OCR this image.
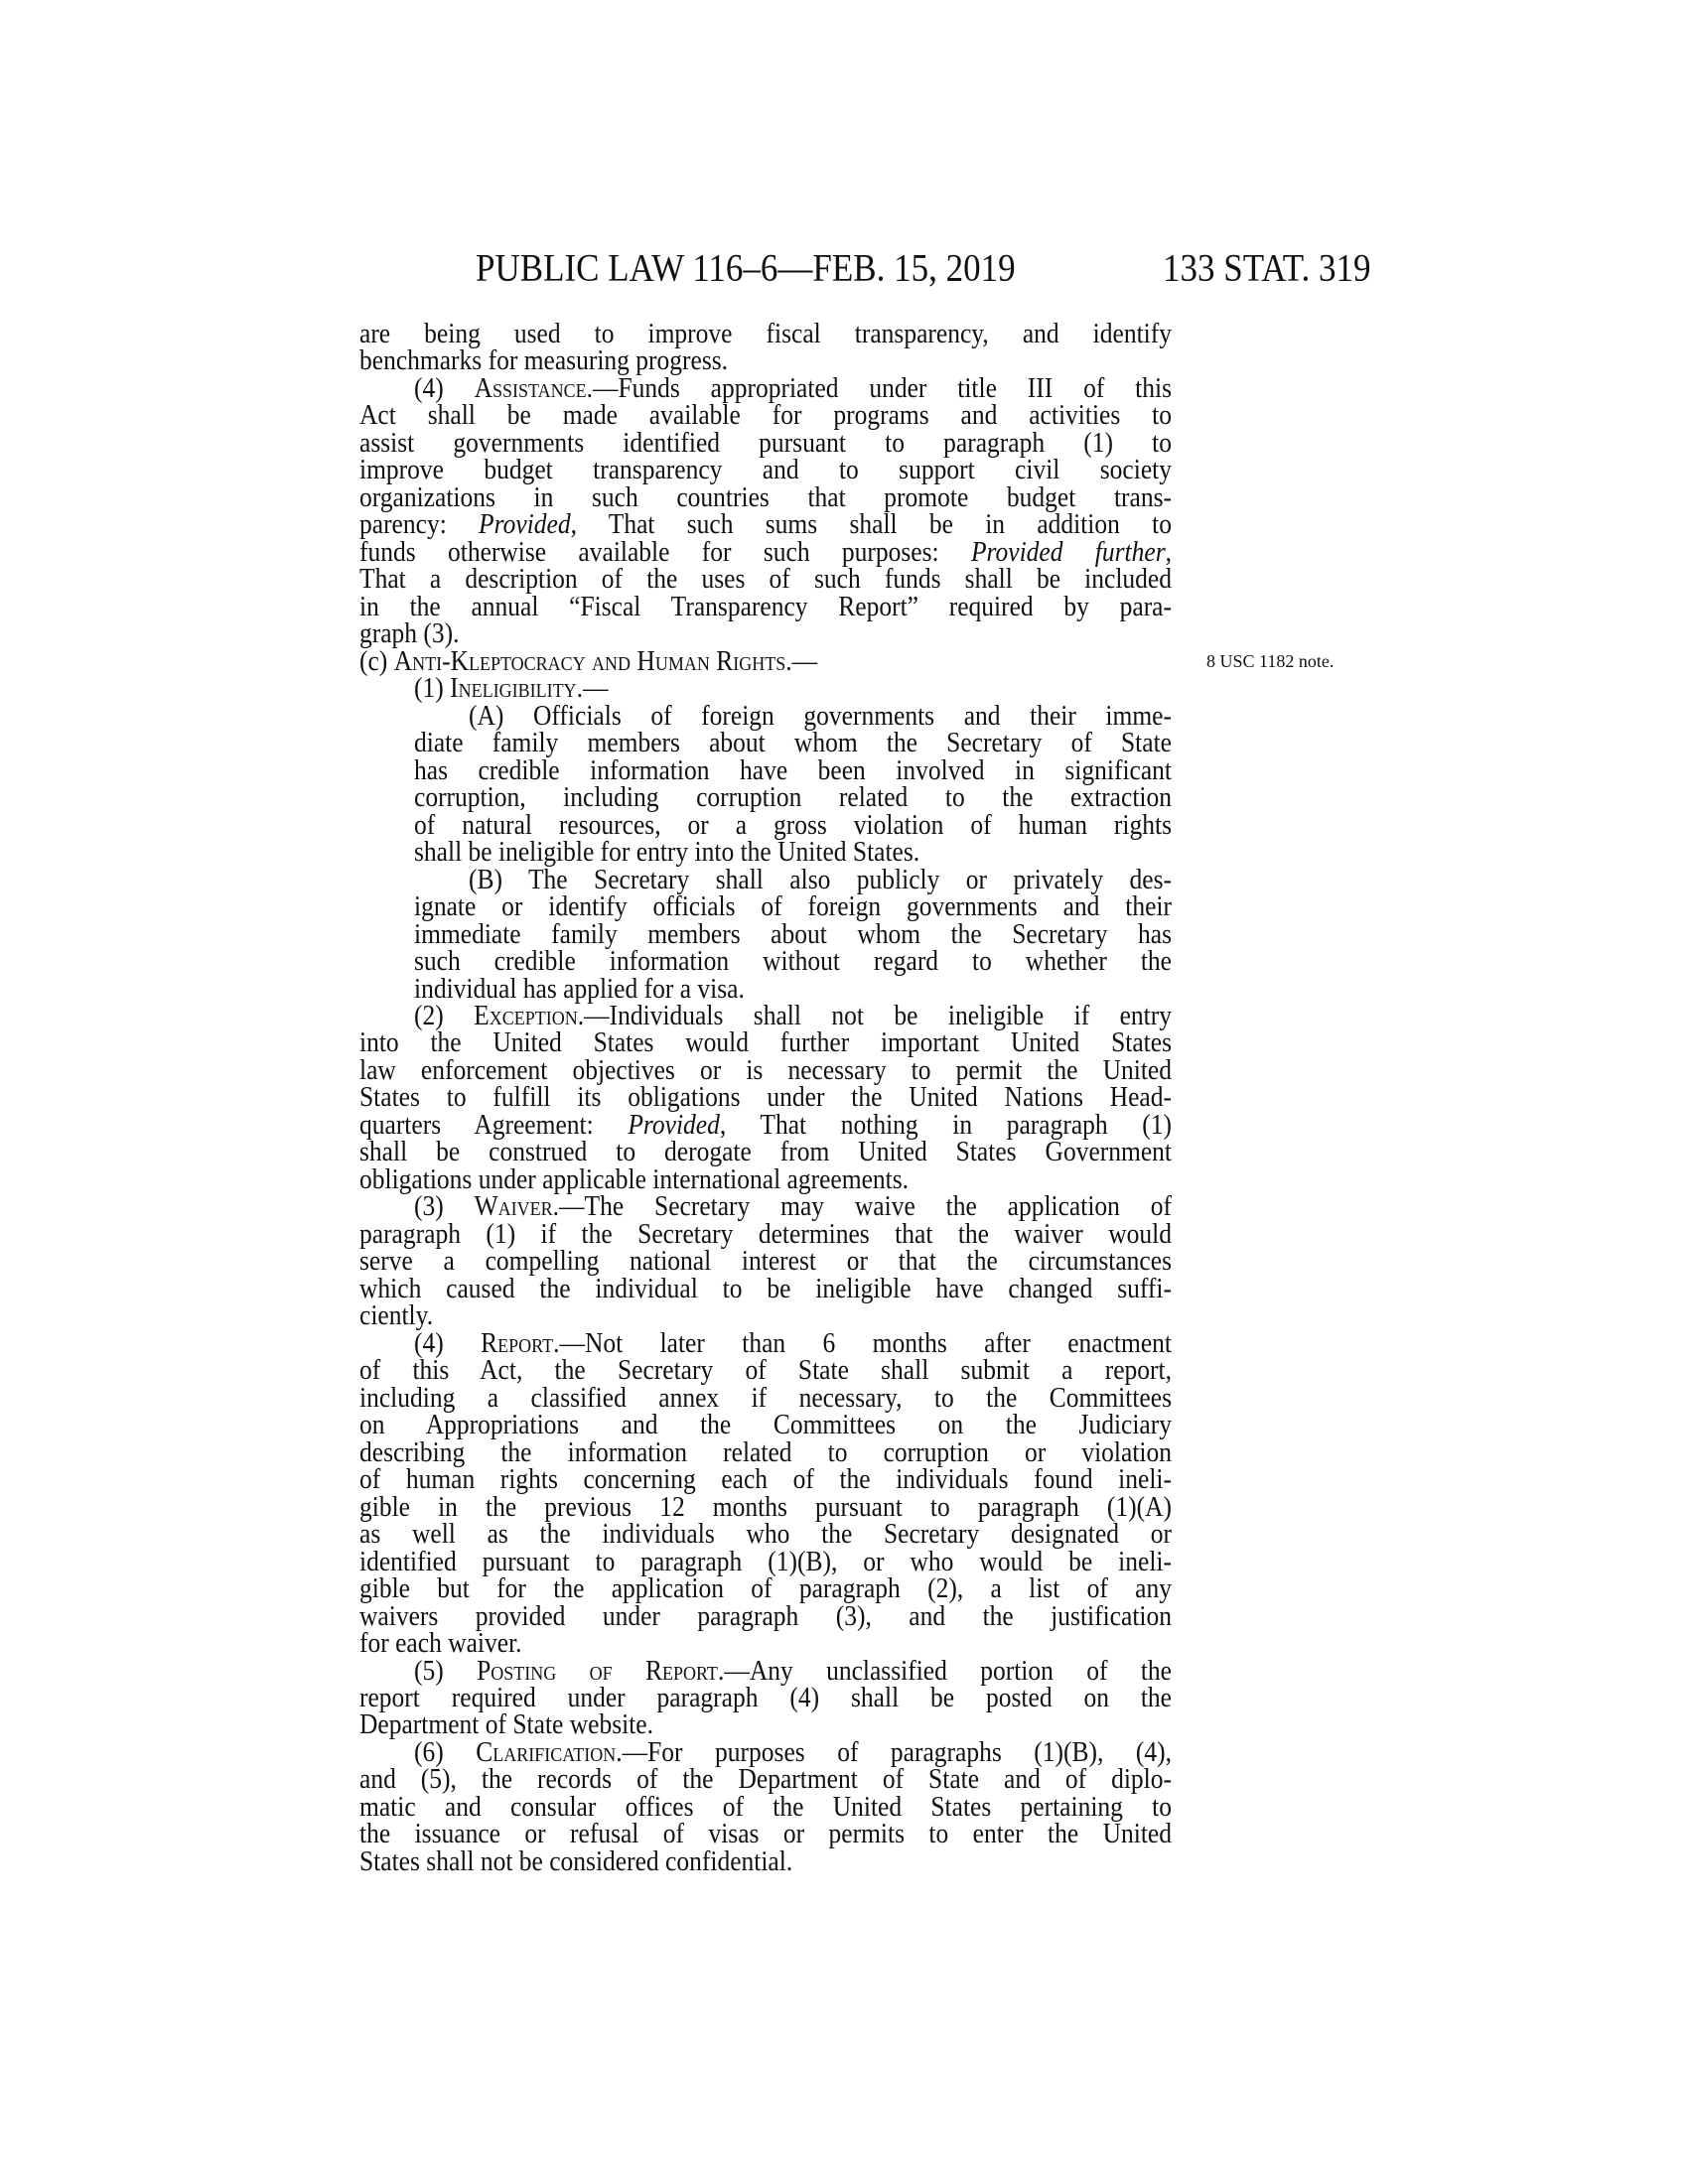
PUBLIC LAW 116–6—FEB. 15, 2019	133 STAT. 319
8 USC 1182 note.
are being used to improve fiscal transparency, and identify
benchmarks for measuring progress.
(4) Assistance.—Funds appropriated under title III of this
Act shall be made available for programs and activities to
assist governments identified pursuant to paragraph (1) to
improve budget transparency and to support civil society
organizations in such countries that promote budget trans-
parency: Provided, That such sums shall be in addition to
funds otherwise available for such purposes: Provided further,
That a description of the uses of such funds shall be included
in the annual “Fiscal Transparency Report” required by para-
graph (3).
(c) Anti-Kleptocracy and Human Rights.—
(1) Ineligibility.—
(A) Officials of foreign governments and their imme-
diate family members about whom the Secretary of State
has credible information have been involved in significant
corruption, including corruption related to the extraction
of natural resources, or a gross violation of human rights
shall be ineligible for entry into the United States.
(B) The Secretary shall also publicly or privately des-
ignate or identify officials of foreign governments and their
immediate family members about whom the Secretary has
such credible information without regard to whether the
individual has applied for a visa.
(2) Exception.—Individuals shall not be ineligible if entry
into the United States would further important United States
law enforcement objectives or is necessary to permit the United
States to fulfill its obligations under the United Nations Head-
quarters Agreement: Provided, That nothing in paragraph (1)
shall be construed to derogate from United States Government
obligations under applicable international agreements.
(3) Waiver.—The Secretary may waive the application of
paragraph (1) if the Secretary determines that the waiver would
serve a compelling national interest or that the circumstances
which caused the individual to be ineligible have changed suffi-
ciently.
(4) Report.—Not later than 6 months after enactment
of this Act, the Secretary of State shall submit a report,
including a classified annex if necessary, to the Committees
on Appropriations and the Committees on the Judiciary
describing the information related to corruption or violation
of human rights concerning each of the individuals found ineli-
gible in the previous 12 months pursuant to paragraph (1)(A)
as well as the individuals who the Secretary designated or
identified pursuant to paragraph (1)(B), or who would be ineli-
gible but for the application of paragraph (2), a list of any
waivers provided under paragraph (3), and the justification
for each waiver.
(5) Posting of Report.—Any unclassified portion of the
report required under paragraph (4) shall be posted on the
Department of State website.
(6) Clarification.—For purposes of paragraphs (1)(B), (4),
and (5), the records of the Department of State and of diplo-
matic and consular offices of the United States pertaining to
the issuance or refusal of visas or permits to enter the United
States shall not be considered confidential.
